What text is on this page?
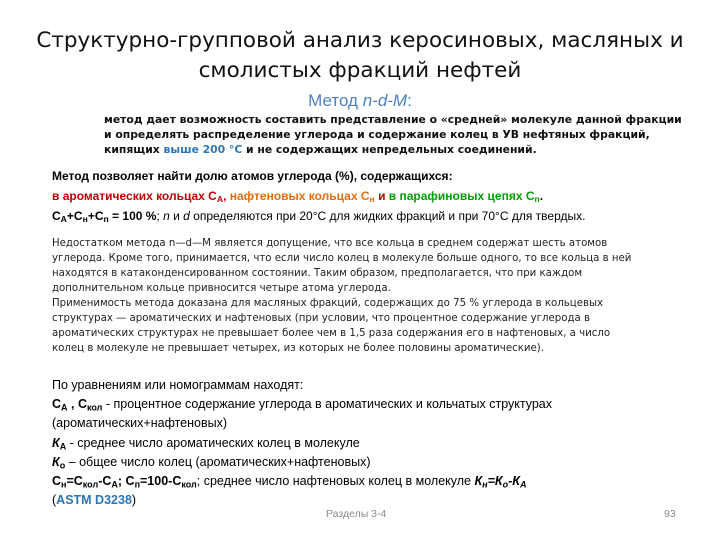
Структурно-групповой анализ керосиновых, масляных и
смолистых фракций нефтей
Метод n-d-M:
метод дает возможность составить представление о «средней» молекуле данной фракции
и определять распределение углерода и содержание колец в УВ нефтяных фракций,
кипящих выше 200 °С и не содержащих непредельных соединений.
Метод позволяет найти долю атомов углерода (%), содержащихся:
в ароматических кольцах $С_А$, нафтеновых кольцах $С_н$ и в парафиновых цепях $С_п$.
$С_А+С_н+С_п = 100$ %; n и d определяются при 20°С для жидких фракций и при 70°С для твердых.
Недостатком метода n—d—M является допущение, что все кольца в среднем содержат шесть атомов
углерода. Кроме того, принимается, что если число колец в молекуле больше одного, то все кольца в ней
находятся в катаконденсированном состоянии. Таким образом, предполагается, что при каждом
дополнительном кольце привносится четыре атома углерода.
Применимость метода доказана для масляных фракций, содержащих до 75 % углерода в кольцевых
структурах — ароматических и нафтеновых (при условии, что процентное содержание углерода в
ароматических структурах не превышает более чем в 1,5 раза содержания его в нафтеновых, а число
колец в молекуле не превышает четырех, из которых не более половины ароматические).
По уравнениям или номограммам находят:
$С_А$ , $С_{кол}$ - процентное содержание углерода в ароматических и кольчатых структурах
(ароматических+нафтеновых)
$К_А$ - среднее число ароматических колец в молекуле
$К_о$ – общее число колец (ароматических+нафтеновых)
$С_н=С_{кол}-С_А$; $С_п=100-С_{кол}$; среднее число нафтеновых колец в молекуле $К_н=К_о-К_А$
(ASTM D3238)
Разделы 3-4	93
